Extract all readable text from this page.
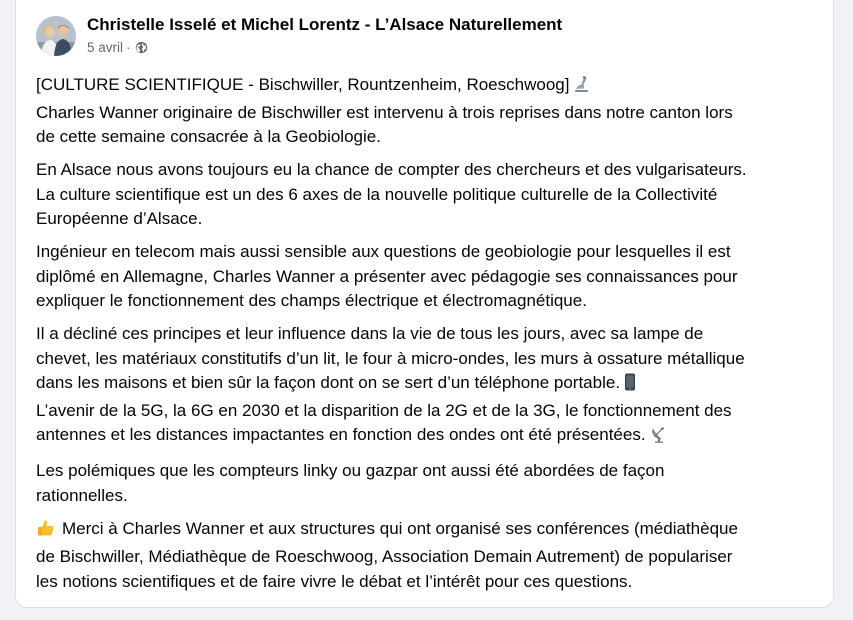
Christelle Isselé et Michel Lorentz - L’Alsace Naturellement
5 avril ·
[CULTURE SCIENTIFIQUE - Bischwiller, Rountzenheim, Roeschwoog]
Charles Wanner originaire de Bischwiller est intervenu à trois reprises dans notre canton lors
de cette semaine consacrée à la Geobiologie.
En Alsace nous avons toujours eu la chance de compter des chercheurs et des vulgarisateurs.
La culture scientifique est un des 6 axes de la nouvelle politique culturelle de la Collectivité
Européenne d’Alsace.
Ingénieur en telecom mais aussi sensible aux questions de geobiologie pour lesquelles il est
diplômé en Allemagne, Charles Wanner a présenter avec pédagogie ses connaissances pour
expliquer le fonctionnement des champs électrique et électromagnétique.
Il a décliné ces principes et leur influence dans la vie de tous les jours, avec sa lampe de
chevet, les matériaux constitutifs d’un lit, le four à micro-ondes, les murs à ossature métallique
dans les maisons et bien sûr la façon dont on se sert d’un téléphone portable.
L’avenir de la 5G, la 6G en 2030 et la disparition de la 2G et de la 3G, le fonctionnement des
antennes et les distances impactantes en fonction des ondes ont été présentées.
Les polémiques que les compteurs linky ou gazpar ont aussi été abordées de façon
rationnelles.
Merci à Charles Wanner et aux structures qui ont organisé ses conférences (médiathèque
de Bischwiller, Médiathèque de Roeschwoog, Association Demain Autrement) de populariser
les notions scientifiques et de faire vivre le débat et l’intérêt pour ces questions.
